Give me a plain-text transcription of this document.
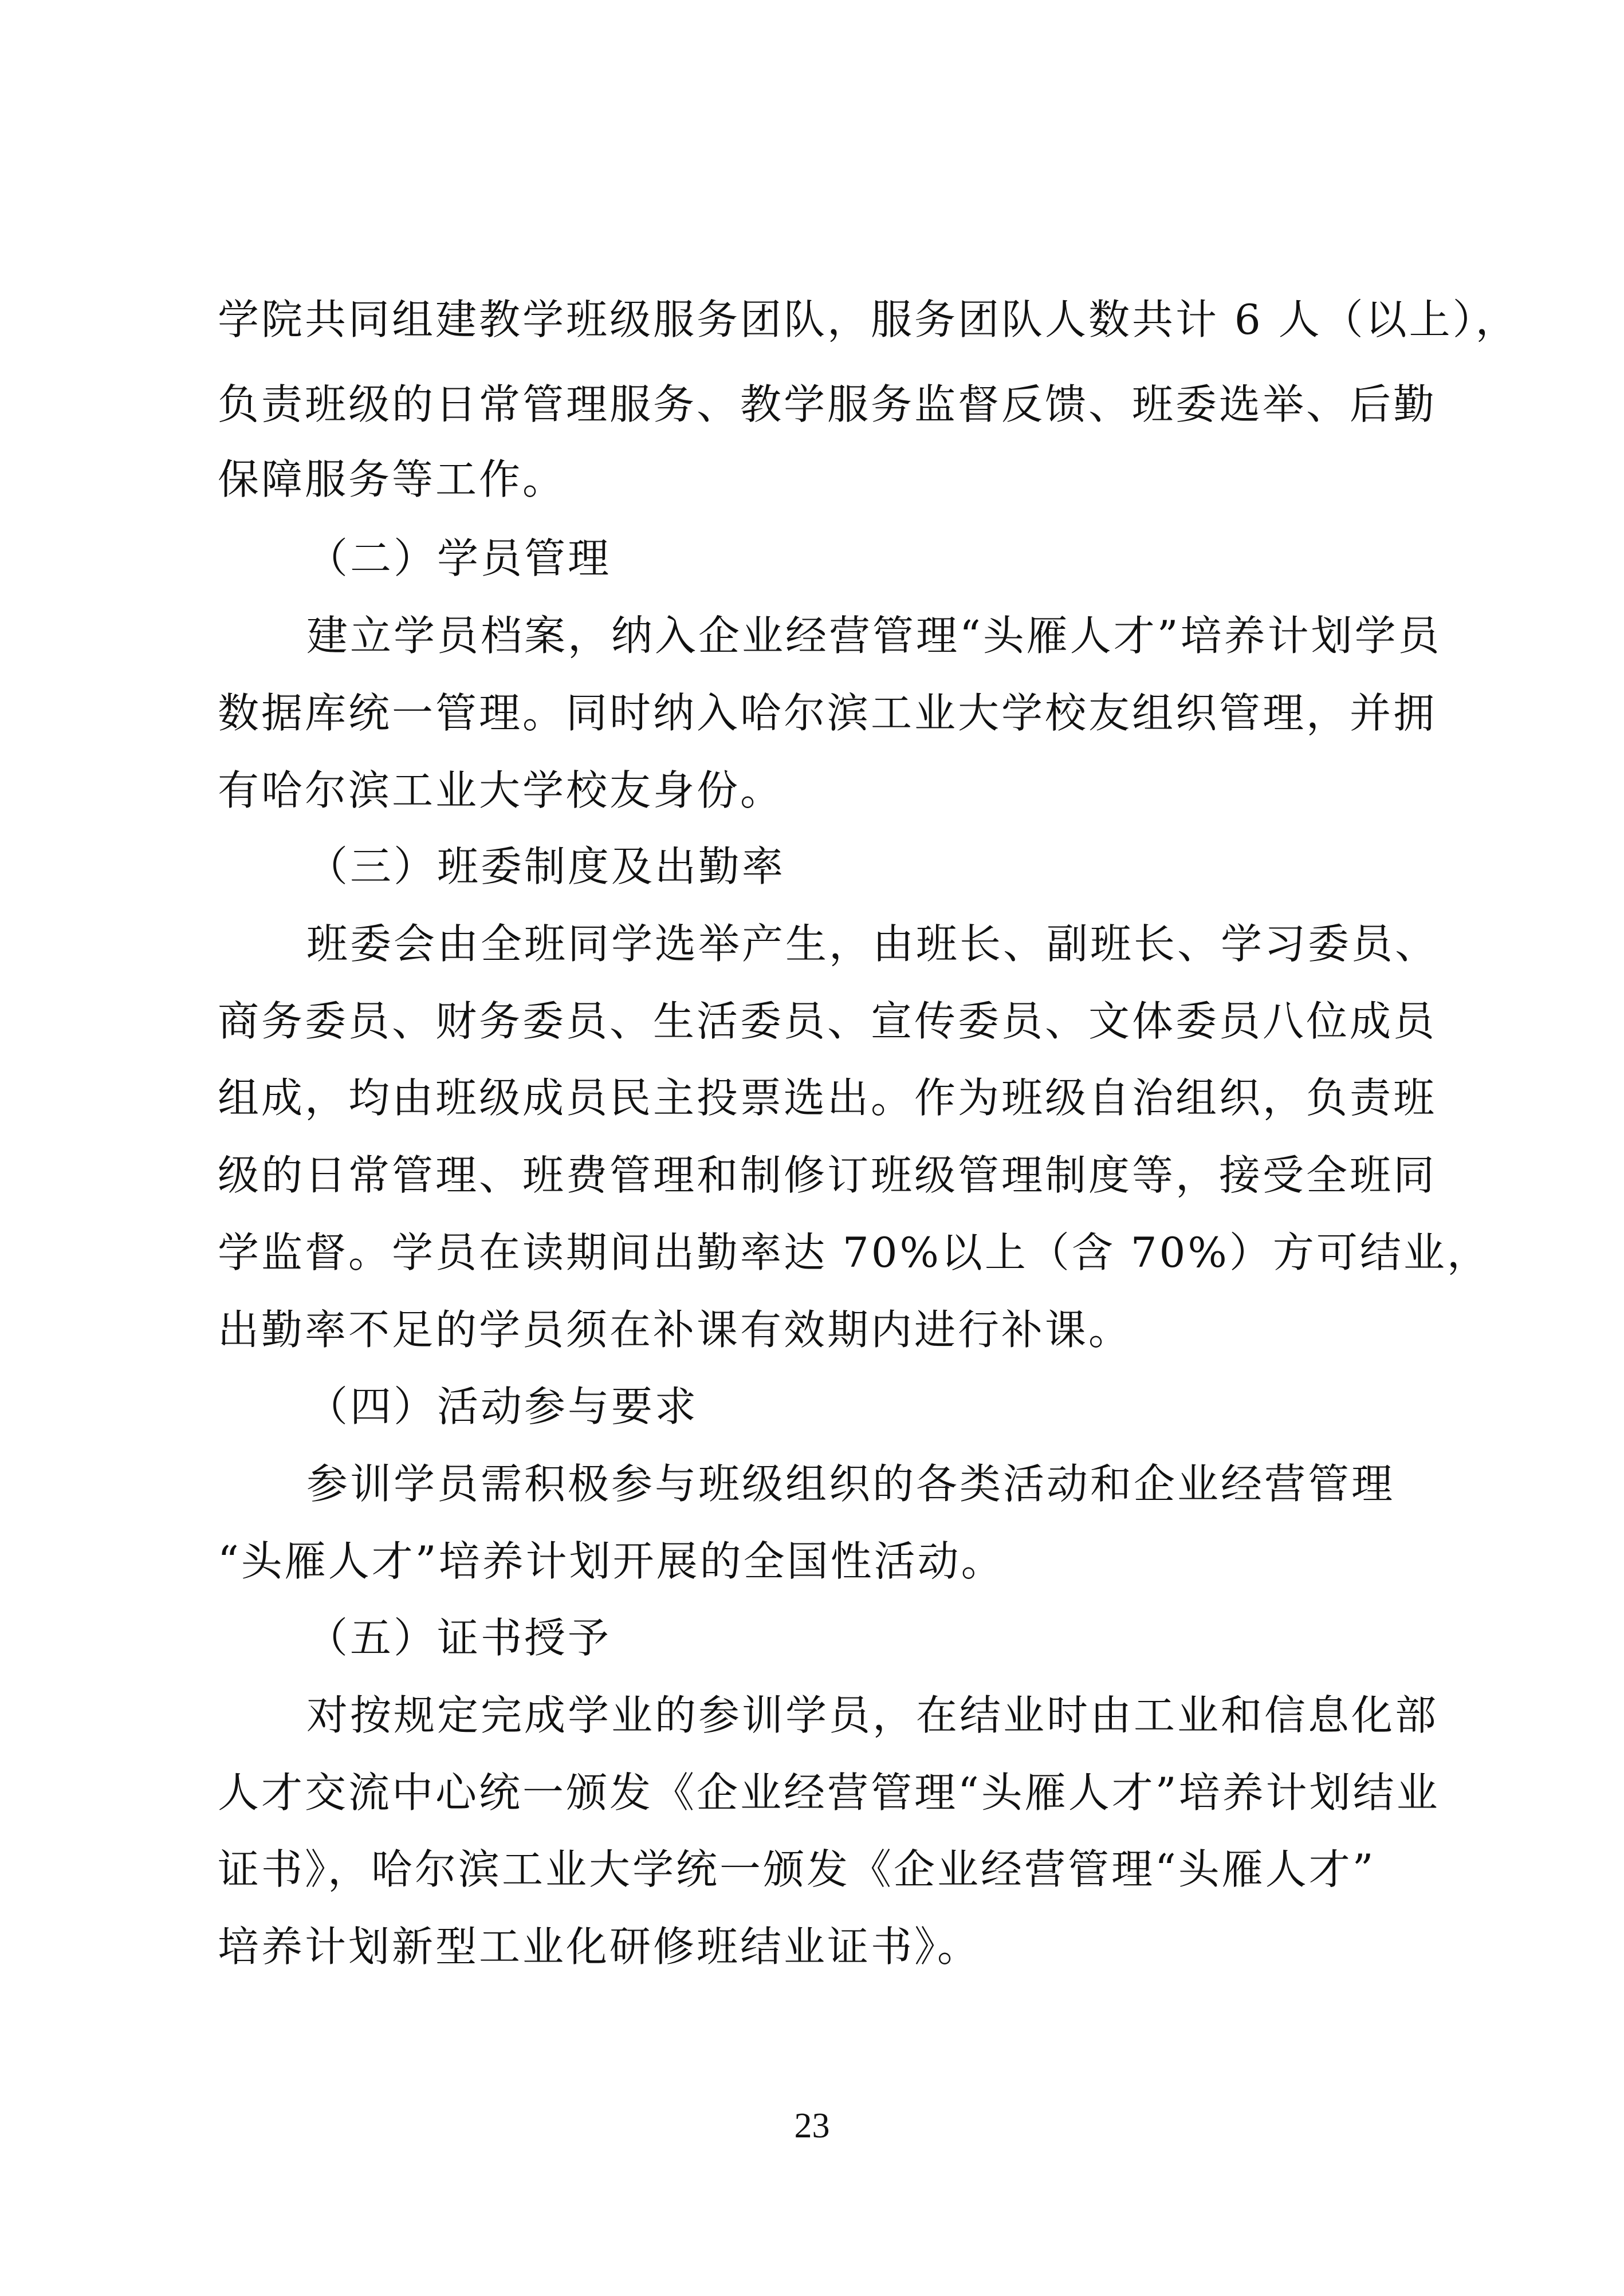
学院共同组建教学班级服务团队，服务团队人数共计 6 人（以上），
负责班级的日常管理服务、教学服务监督反馈、班委选举、后勤
保障服务等工作。
（二）学员管理
建立学员档案，纳入企业经营管理“头雁人才”培养计划学员
数据库统一管理。同时纳入哈尔滨工业大学校友组织管理，并拥
有哈尔滨工业大学校友身份。
（三）班委制度及出勤率
班委会由全班同学选举产生，由班长、副班长、学习委员、
商务委员、财务委员、生活委员、宣传委员、文体委员八位成员
组成，均由班级成员民主投票选出。作为班级自治组织，负责班
级的日常管理、班费管理和制修订班级管理制度等，接受全班同
学监督。学员在读期间出勤率达 70%以上（含 70%）方可结业，
出勤率不足的学员须在补课有效期内进行补课。
（四）活动参与要求
参训学员需积极参与班级组织的各类活动和企业经营管理
“头雁人才”培养计划开展的全国性活动。
（五）证书授予
对按规定完成学业的参训学员，在结业时由工业和信息化部
人才交流中心统一颁发《企业经营管理“头雁人才”培养计划结业
证书》，哈尔滨工业大学统一颁发《企业经营管理“头雁人才”
培养计划新型工业化研修班结业证书》。
23
